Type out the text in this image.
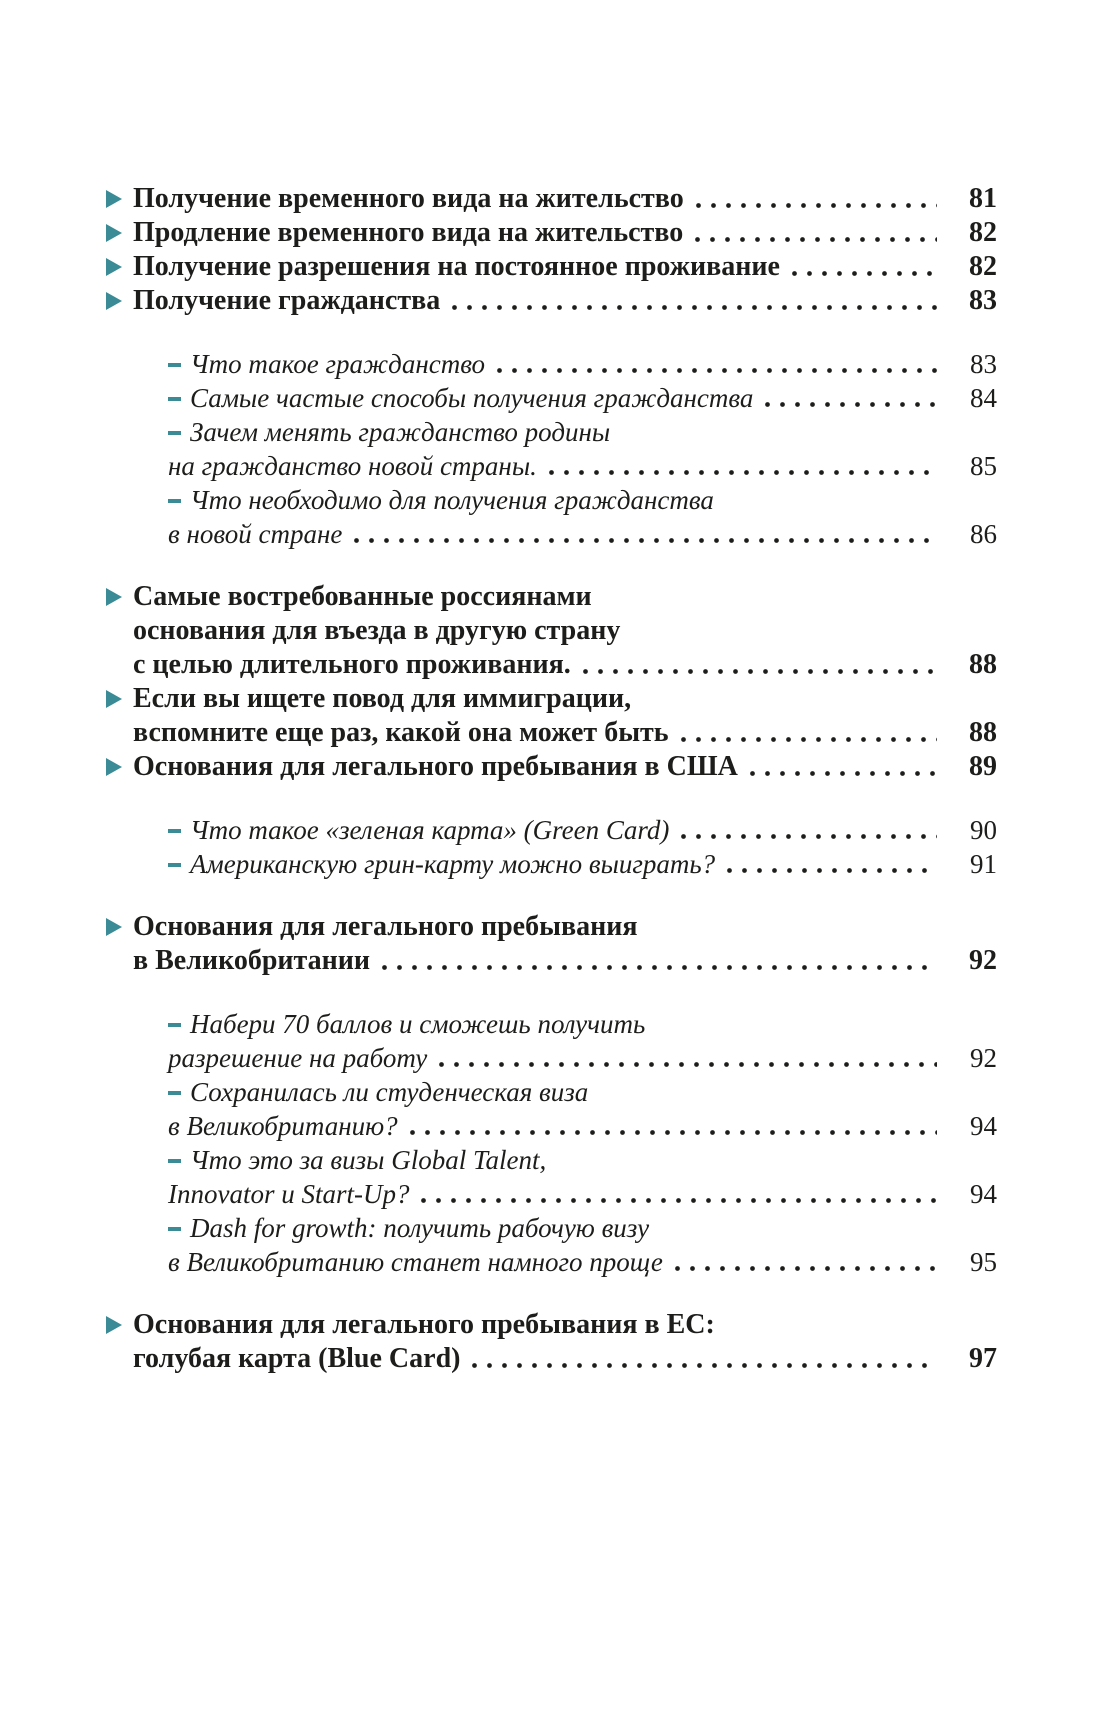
Получение временного вида на жительство	81
Продление временного вида на жительство	82
Получение разрешения на постоянное проживание	82
Получение гражданства	83
Что такое гражданство	83
Самые частые способы получения гражданства	84
Зачем менять гражданство родины
на гражданство новой страны.	85
Что необходимо для получения гражданства
в новой стране	86
Самые востребованные россиянами
основания для въезда в другую страну
с целью длительного проживания.	88
Если вы ищете повод для иммиграции,
вспомните еще раз, какой она может быть	88
Основания для легального пребывания в США	89
Что такое «зеленая карта» (Green Card)	90
Американскую грин-карту можно выиграть?	91
Основания для легального пребывания
в Великобритании	92
Набери 70 баллов и сможешь получить
разрешение на работу	92
Сохранилась ли студенческая виза
в Великобританию?	94
Что это за визы Global Talent,
Innovator и Start-Up?	94
Dash for growth: получить рабочую визу
в Великобританию станет намного проще	95
Основания для легального пребывания в ЕС:
голубая карта (Blue Card)	97
